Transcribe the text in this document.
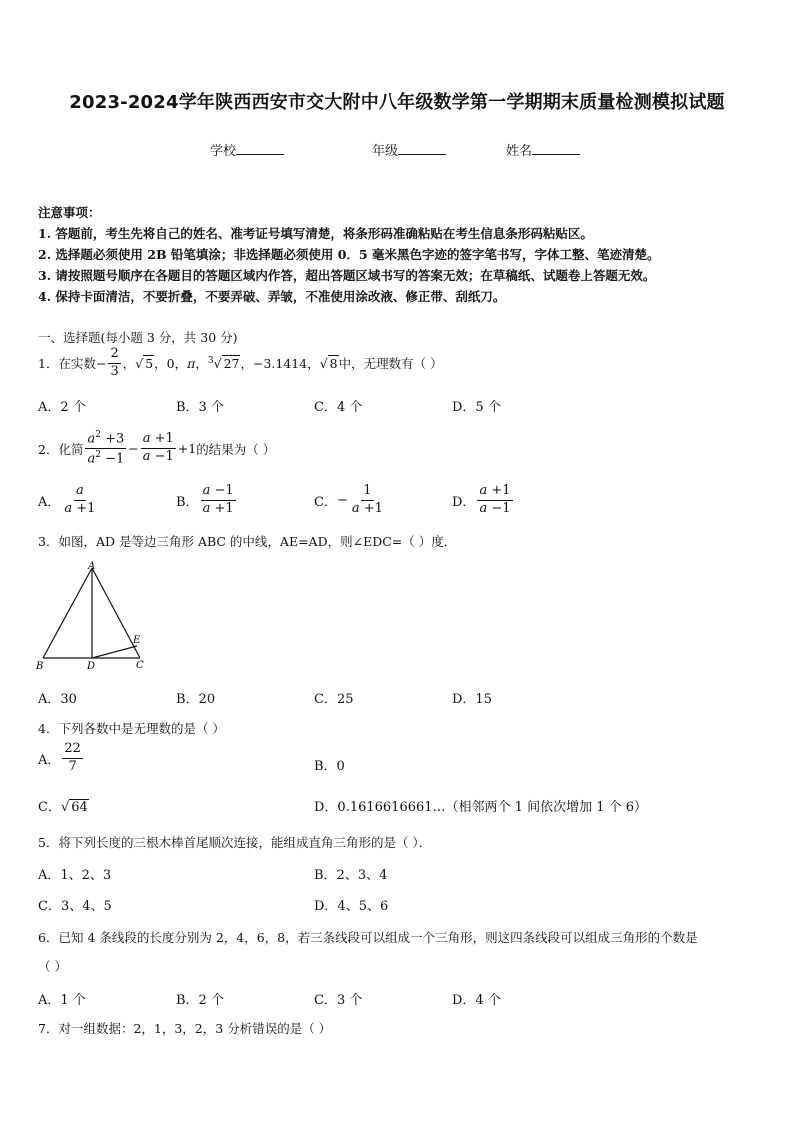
2023-2024学年陕西西安市交大附中八年级数学第一学期期末质量检测模拟试题
学校	年级	姓名
注意事项：
1. 答题前，考生先将自己的姓名、准考证号填写清楚，将条形码准确粘贴在考生信息条形码粘贴区。
2. 选择题必须使用 2B 铅笔填涂；非选择题必须使用 0．5 毫米黑色字迹的签字笔书写，字体工整、笔迹清楚。
3. 请按照题号顺序在各题目的答题区域内作答，超出答题区域书写的答案无效；在草稿纸、试题卷上答题无效。
4. 保持卡面清洁，不要折叠，不要弄破、弄皱，不准使用涂改液、修正带、刮纸刀。
一、选择题(每小题 3 分，共 30 分)
1．在实数 − $\frac{2}{3}$ ，√ 5 ，0，π， $^3$√ 27 ，−3.1414，√ 8 中，无理数有（ ）
A．2 个	B．3 个	C．4 个	D．5 个
2．化简 $\frac{a^2 +3}{a^2 -1} - \frac{a +1}{a -1} +1$ 的结果为（ ）
A． $\frac{a}{a +1}$	B． $\frac{a -1}{a +1}$	C． − $\frac{1}{a +1}$	D． $\frac{a +1}{a -1}$
3．如图，AD 是等边三角形 ABC 的中线，AE=AD，则∠EDC=（ ）度．
A
B	D	C
E
A．30	B．20	C．25	D．15
4．下列各数中是无理数的是（ ）
A． $\frac{22}{7}$	B．0
C．√ 64	D．0.1616616661…（相邻两个 1 间依次增加 1 个 6）
5．将下列长度的三根木棒首尾顺次连接，能组成直角三角形的是（ ）．
A．1、2、3	B．2、3、4
C．3、4、5	D．4、5、6
6．已知 4 条线段的长度分别为 2，4，6，8，若三条线段可以组成一个三角形，则这四条线段可以组成三角形的个数是
（ ）
A．1 个	B．2 个	C．3 个	D．4 个
7．对一组数据：2，1，3，2，3 分析错误的是（ ）
